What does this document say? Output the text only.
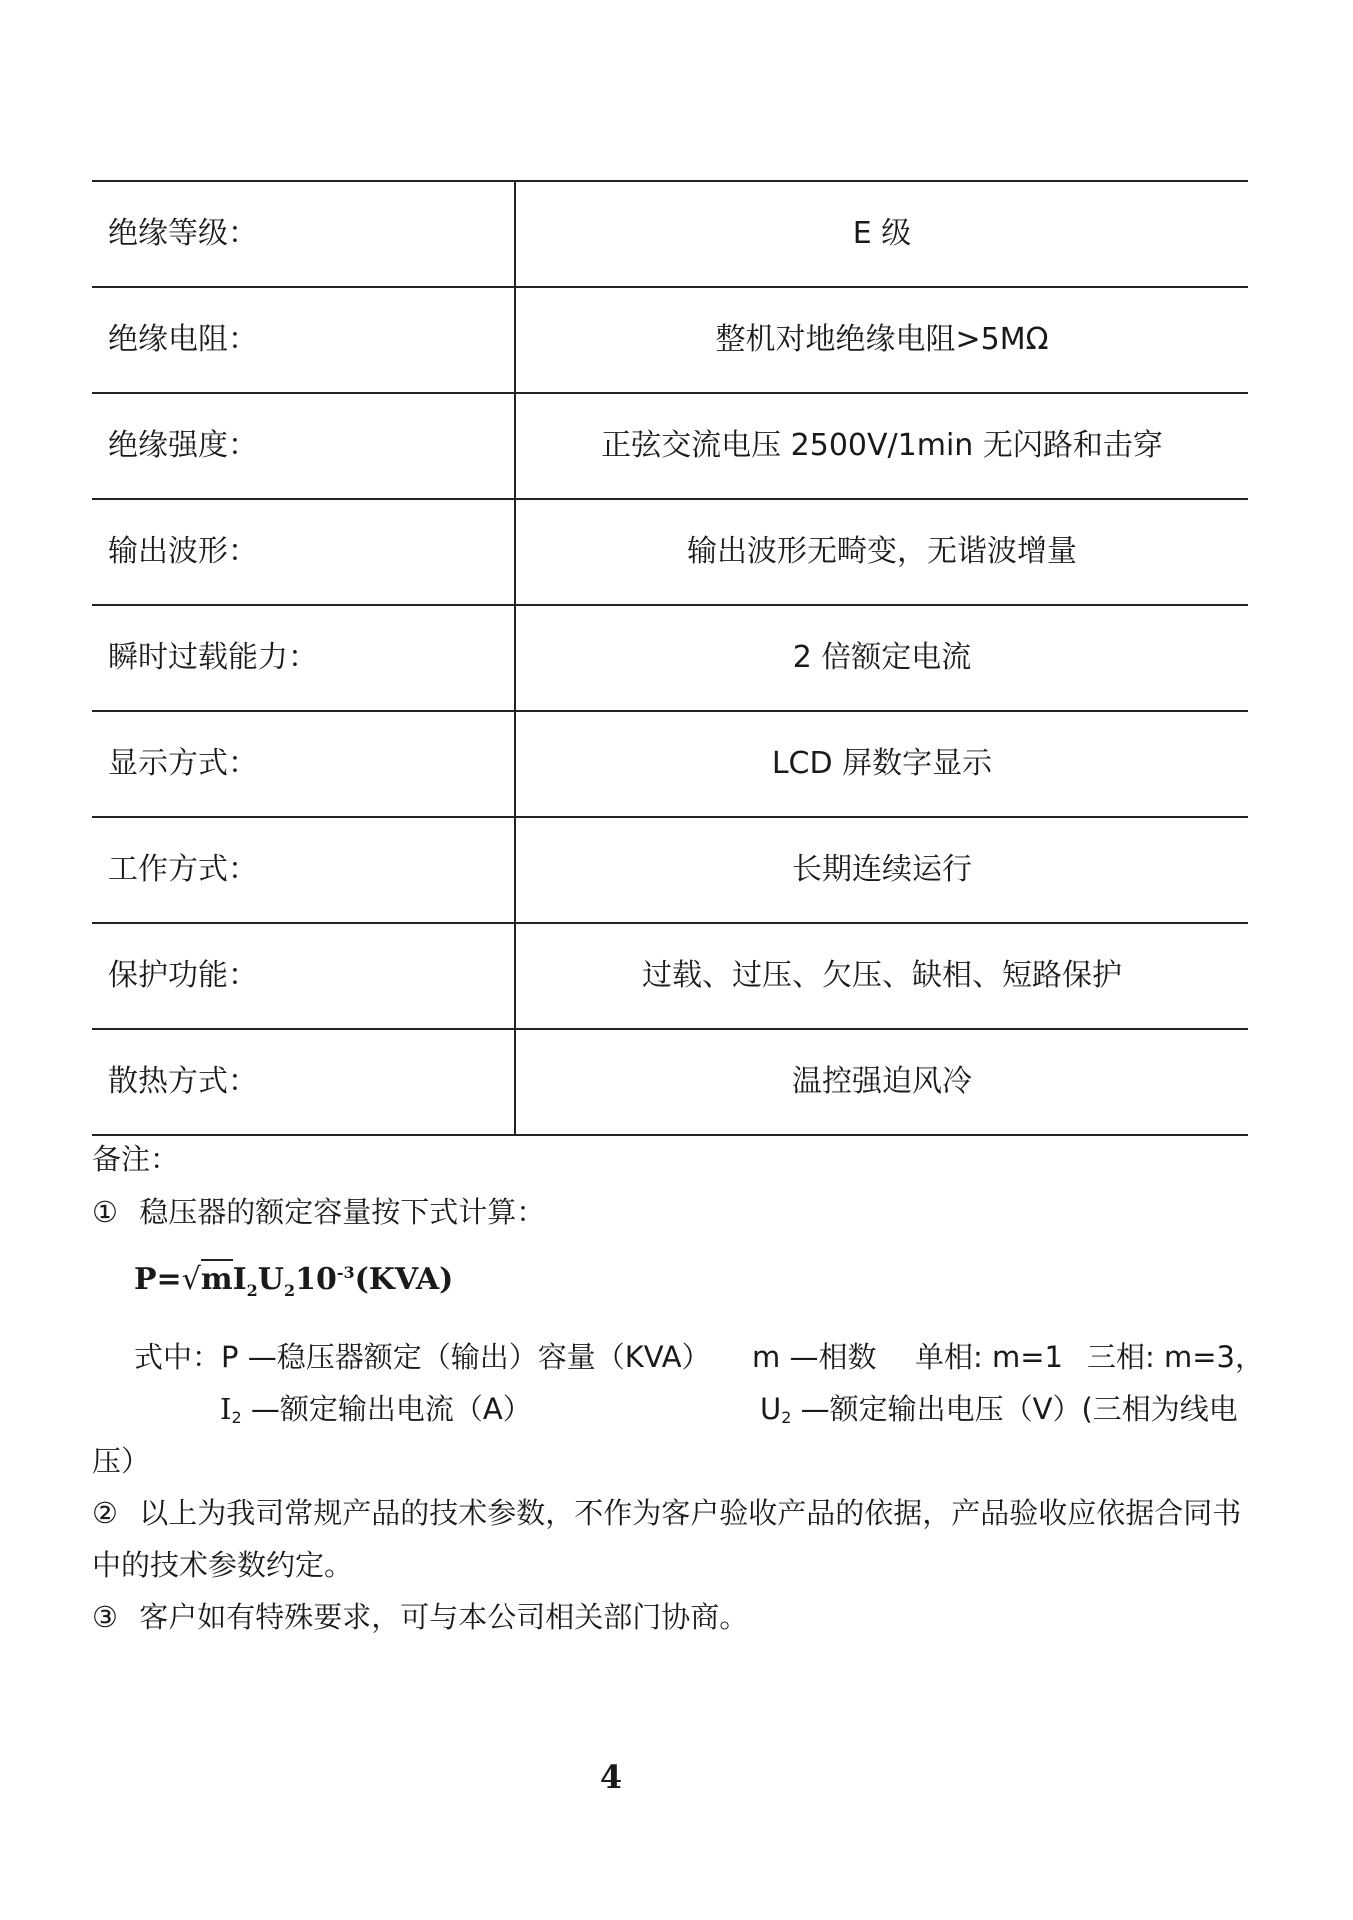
绝缘等级：	E 级
绝缘电阻：	整机对地绝缘电阻>5MΩ
绝缘强度：	正弦交流电压 2500V/1min 无闪路和击穿
输出波形：	输出波形无畸变，无谐波增量
瞬时过载能力：	2 倍额定电流
显示方式：	LCD 屏数字显示
工作方式：	长期连续运行
保护功能：	过载、过压、欠压、缺相、短路保护
散热方式：	温控强迫风冷
备注：
① 稳压器的额定容量按下式计算：
$P=√mI_2U_210^{-3}(KVA)$
式中：P —稳压器额定（输出）容量（KVA） m —相数 单相: m=1 三相: m=3，
I2 —额定输出电流（A）	U2 —额定输出电压（V）(三相为线电
压）
② 以上为我司常规产品的技术参数，不作为客户验收产品的依据，产品验收应依据合同书
中的技术参数约定。
③ 客户如有特殊要求，可与本公司相关部门协商。
4
